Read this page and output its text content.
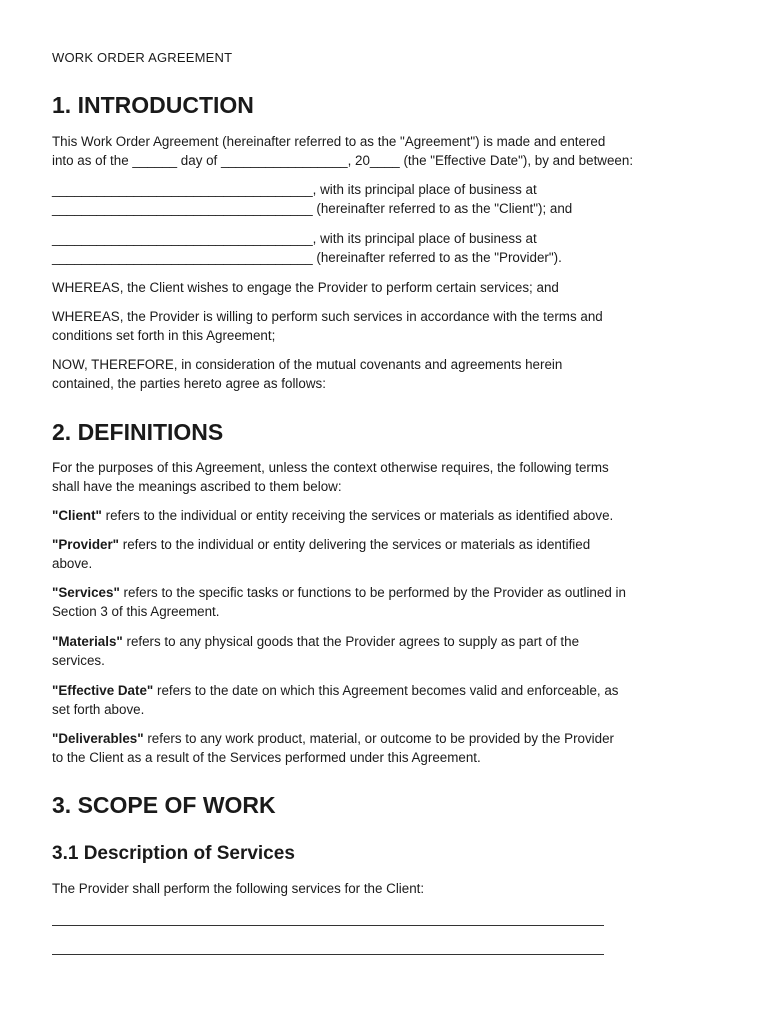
WORK ORDER AGREEMENT

1. INTRODUCTION

This Work Order Agreement (hereinafter referred to as the "Agreement") is made and entered
into as of the ______ day of _________________, 20____ (the "Effective Date"), by and between:

___________________________________, with its principal place of business at
___________________________________ (hereinafter referred to as the "Client"); and

___________________________________, with its principal place of business at
___________________________________ (hereinafter referred to as the "Provider").

WHEREAS, the Client wishes to engage the Provider to perform certain services; and

WHEREAS, the Provider is willing to perform such services in accordance with the terms and
conditions set forth in this Agreement;

NOW, THEREFORE, in consideration of the mutual covenants and agreements herein
contained, the parties hereto agree as follows:

2. DEFINITIONS

For the purposes of this Agreement, unless the context otherwise requires, the following terms
shall have the meanings ascribed to them below:

"Client" refers to the individual or entity receiving the services or materials as identified above.

"Provider" refers to the individual or entity delivering the services or materials as identified
above.

"Services" refers to the specific tasks or functions to be performed by the Provider as outlined in
Section 3 of this Agreement.

"Materials" refers to any physical goods that the Provider agrees to supply as part of the
services.

"Effective Date" refers to the date on which this Agreement becomes valid and enforceable, as
set forth above.

"Deliverables" refers to any work product, material, or outcome to be provided by the Provider
to the Client as a result of the Services performed under this Agreement.

3. SCOPE OF WORK
3.1 Description of Services

The Provider shall perform the following services for the Client:
